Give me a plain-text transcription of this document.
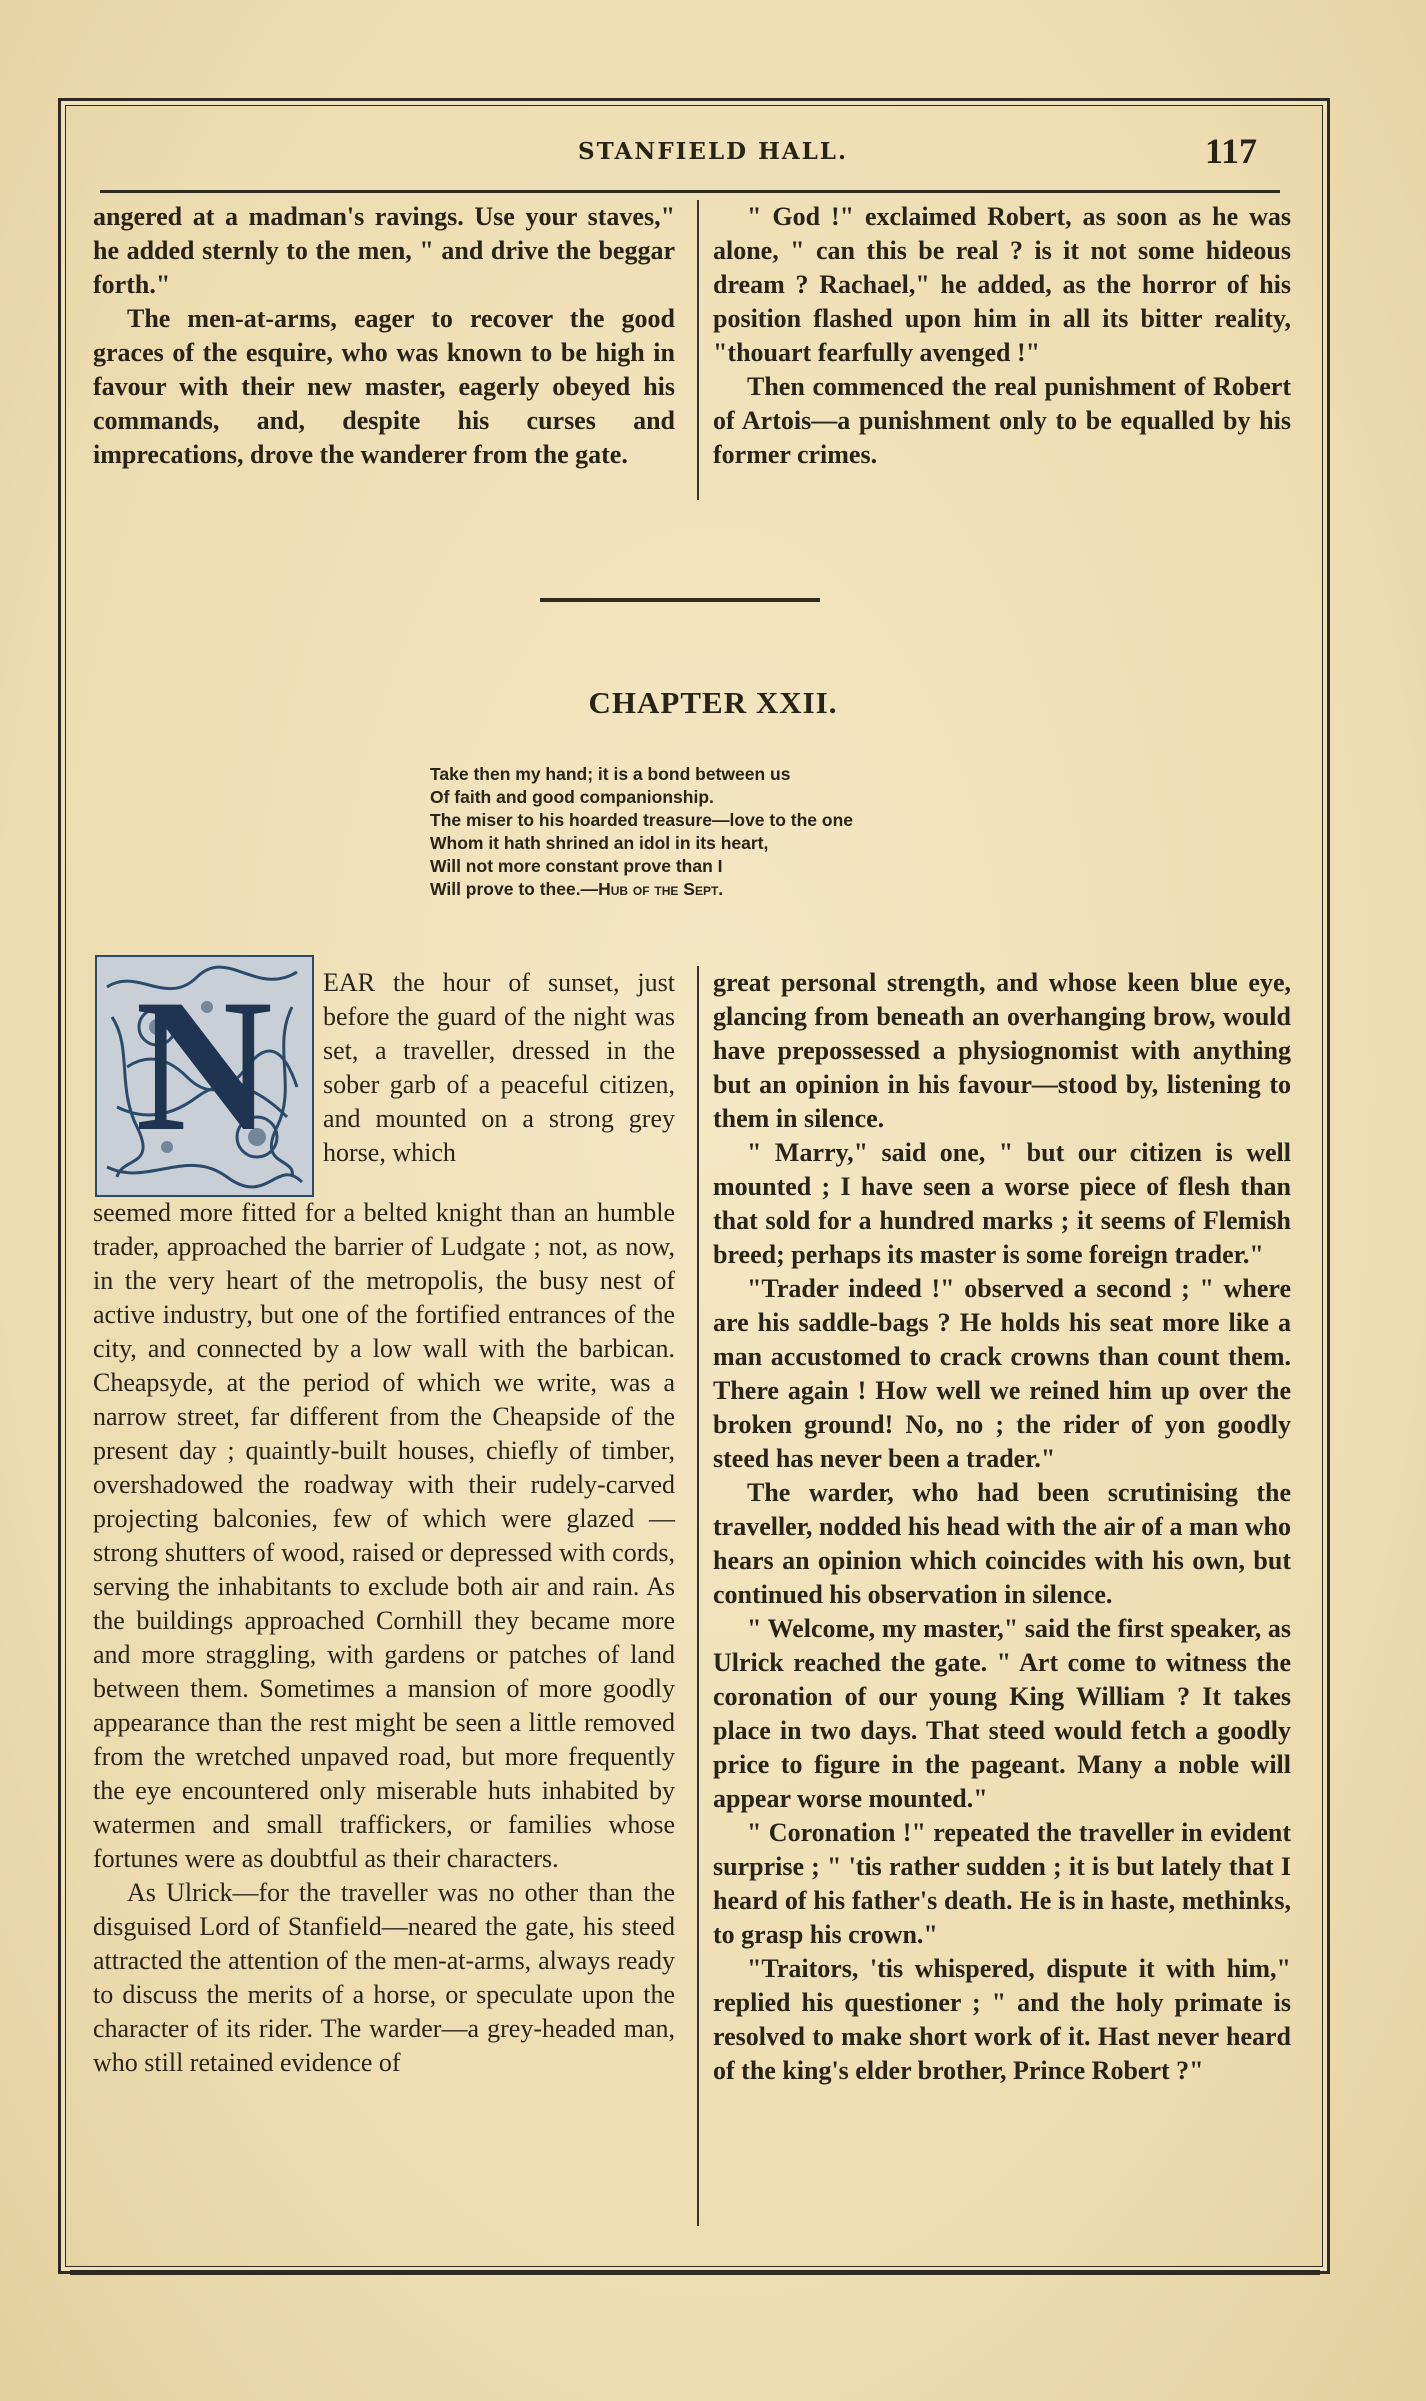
STANFIELD HALL.	117

angered at a madman's ravings. Use your staves," he added sternly to the men, " and drive the beggar forth."

The men-at-arms, eager to recover the good graces of the esquire, who was known to be high in favour with their new master, eagerly obeyed his commands, and, despite his curses and imprecations, drove the wanderer from the gate.

" God !" exclaimed Robert, as soon as he was alone, " can this be real ? is it not some hideous dream ? Rachael," he added, as the horror of his position flashed upon him in all its bitter reality, "thouart fearfully avenged !"

Then commenced the real punishment of Robert of Artois—a punishment only to be equalled by his former crimes.

CHAPTER XXII.
Take then my hand; it is a bond between us
Of faith and good companionship.
The miser to his hoarded treasure—love to the one
Whom it hath shrined an idol in its heart,
Will not more constant prove than I
Will prove to thee.—Hub of the Sept.
N	EAR the hour of sunset, just before the guard of the night was set, a traveller, dressed in the sober garb of a peaceful citizen, and mounted on a strong grey horse, which

seemed more fitted for a belted knight than an humble trader, approached the barrier of Ludgate ; not, as now, in the very heart of the metropolis, the busy nest of active industry, but one of the fortified entrances of the city, and connected by a low wall with the barbican. Cheapsyde, at the period of which we write, was a narrow street, far different from the Cheapside of the present day ; quaintly-built houses, chiefly of timber, overshadowed the roadway with their rudely-carved projecting balconies, few of which were glazed —strong shutters of wood, raised or depressed with cords, serving the inhabitants to exclude both air and rain. As the buildings approached Cornhill they became more and more straggling, with gardens or patches of land between them. Sometimes a mansion of more goodly appearance than the rest might be seen a little removed from the wretched unpaved road, but more frequently the eye encountered only miserable huts inhabited by watermen and small traffickers, or families whose fortunes were as doubtful as their characters.

As Ulrick—for the traveller was no other than the disguised Lord of Stanfield—neared the gate, his steed attracted the attention of the men-at-arms, always ready to discuss the merits of a horse, or speculate upon the character of its rider. The warder—a grey-headed man, who still retained evidence of

great personal strength, and whose keen blue eye, glancing from beneath an overhanging brow, would have prepossessed a physiognomist with anything but an opinion in his favour—stood by, listening to them in silence.

" Marry," said one, " but our citizen is well mounted ; I have seen a worse piece of flesh than that sold for a hundred marks ; it seems of Flemish breed; perhaps its master is some foreign trader."

"Trader indeed !" observed a second ; " where are his saddle-bags ? He holds his seat more like a man accustomed to crack crowns than count them. There again ! How well we reined him up over the broken ground! No, no ; the rider of yon goodly steed has never been a trader."

The warder, who had been scrutinising the traveller, nodded his head with the air of a man who hears an opinion which coincides with his own, but continued his observation in silence.

" Welcome, my master," said the first speaker, as Ulrick reached the gate. " Art come to witness the coronation of our young King William ? It takes place in two days. That steed would fetch a goodly price to figure in the pageant. Many a noble will appear worse mounted."

" Coronation !" repeated the traveller in evident surprise ; " 'tis rather sudden ; it is but lately that I heard of his father's death. He is in haste, methinks, to grasp his crown."

"Traitors, 'tis whispered, dispute it with him," replied his questioner ; " and the holy primate is resolved to make short work of it. Hast never heard of the king's elder brother, Prince Robert ?"
